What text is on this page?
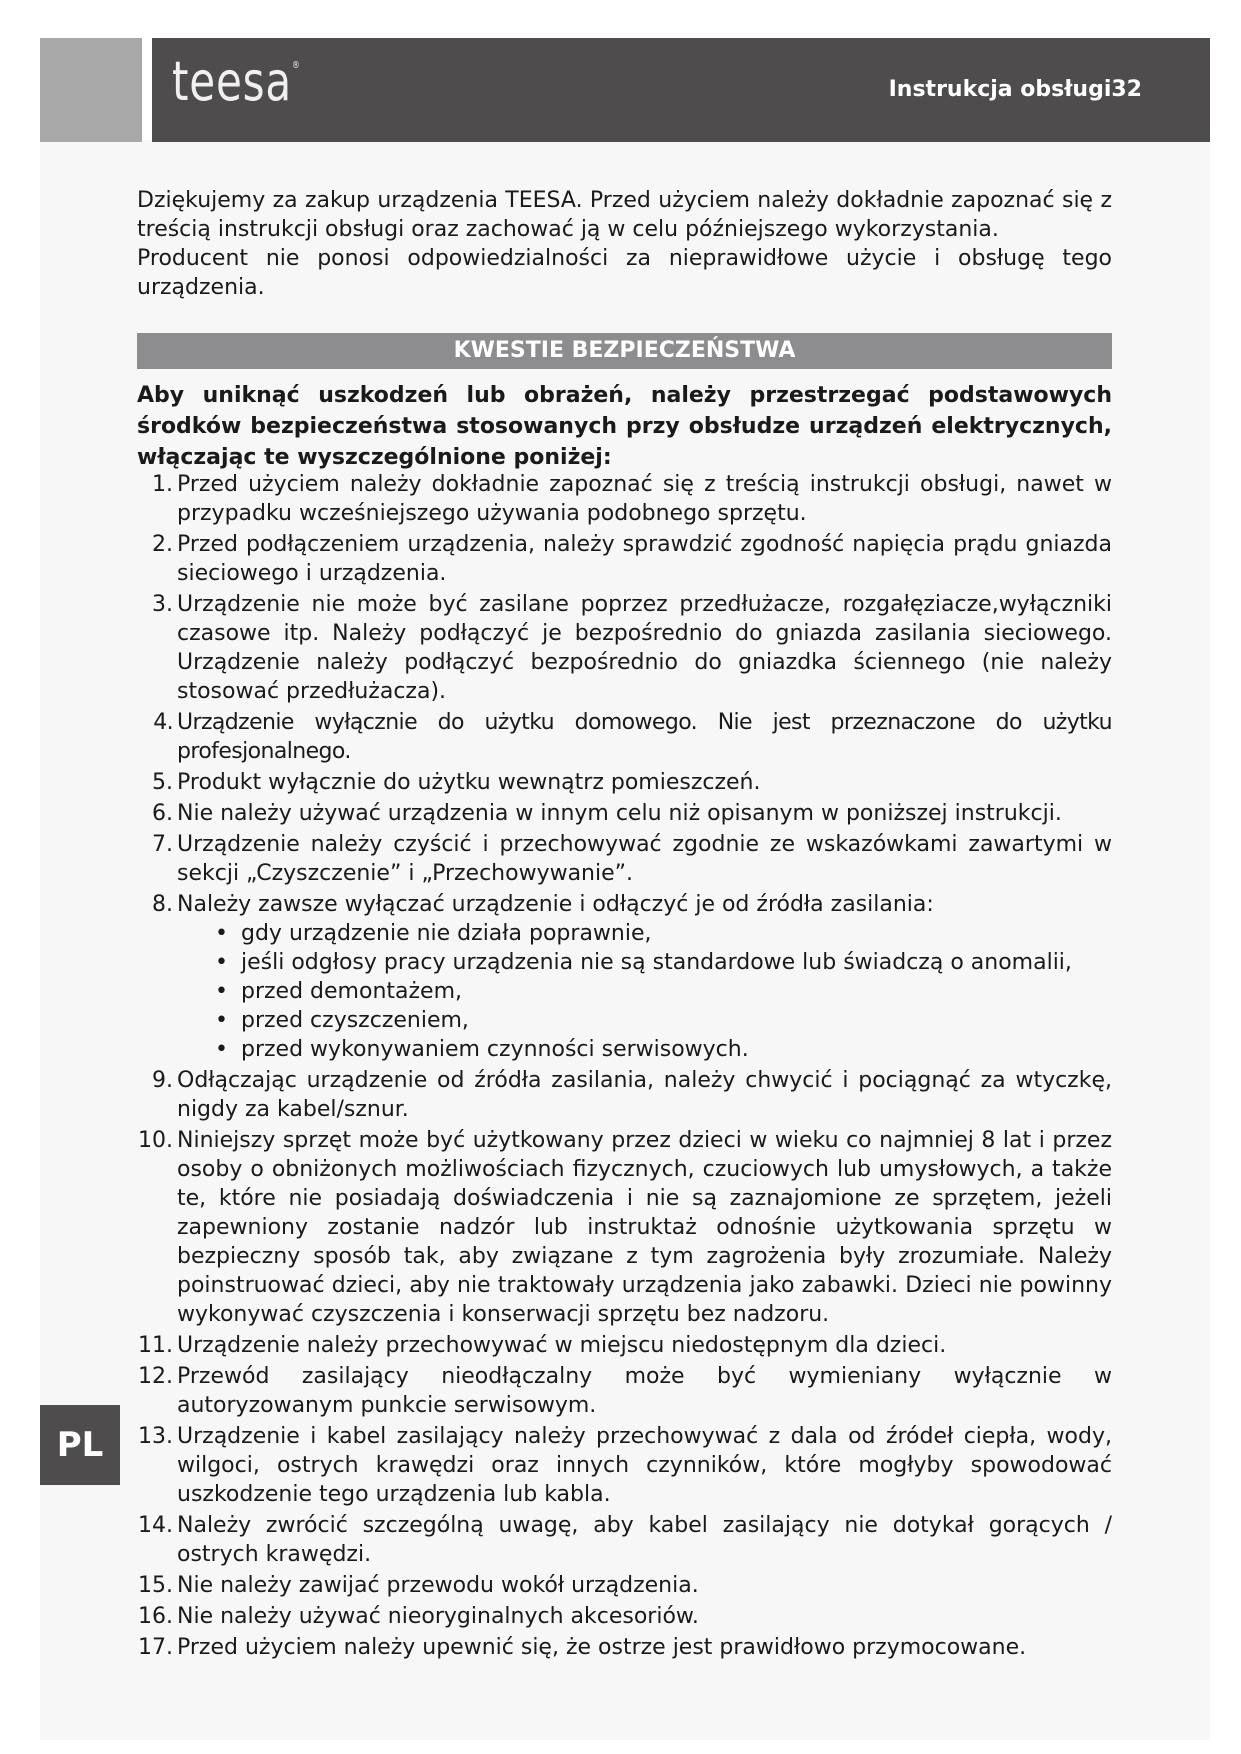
teesa®
Instrukcja obsługi32

Dziękujemy za zakup urządzenia TEESA. Przed użyciem należy dokładnie zapoznać się z treścią instrukcji obsługi oraz zachować ją w celu późniejszego wykorzystania.

Producent nie ponosi odpowiedzialności za nieprawidłowe użycie i obsługę tego urządzenia.

KWESTIE BEZPIECZEŃSTWA

Aby uniknąć uszkodzeń lub obrażeń, należy przestrzegać podstawowych środków bezpieczeństwa stosowanych przy obsłudze urządzeń elektrycznych, włączając te wyszczególnione poniżej:

1. Przed użyciem należy dokładnie zapoznać się z treścią instrukcji obsługi, nawet w przypadku wcześniejszego używania podobnego sprzętu.
2. Przed podłączeniem urządzenia, należy sprawdzić zgodność napięcia prądu gniazda sieciowego i urządzenia.
3. Urządzenie nie może być zasilane poprzez przedłużacze, rozgałęziacze,wyłączniki czasowe itp. Należy podłączyć je bezpośrednio do gniazda zasilania sieciowego. Urządzenie należy podłączyć bezpośrednio do gniazdka ściennego (nie należy stosować przedłużacza).
4. Urządzenie wyłącznie do użytku domowego. Nie jest przeznaczone do użytku profesjonalnego.
5. Produkt wyłącznie do użytku wewnątrz pomieszczeń.
6. Nie należy używać urządzenia w innym celu niż opisanym w poniższej instrukcji.
7. Urządzenie należy czyścić i przechowywać zgodnie ze wskazówkami zawartymi w sekcji „Czyszczenie” i „Przechowywanie”.
8. Należy zawsze wyłączać urządzenie i odłączyć je od źródła zasilania:
• gdy urządzenie nie działa poprawnie,
• jeśli odgłosy pracy urządzenia nie są standardowe lub świadczą o anomalii,
• przed demontażem,
• przed czyszczeniem,
• przed wykonywaniem czynności serwisowych.
9. Odłączając urządzenie od źródła zasilania, należy chwycić i pociągnąć za wtyczkę, nigdy za kabel/sznur.
10. Niniejszy sprzęt może być użytkowany przez dzieci w wieku co najmniej 8 lat i przez osoby o obniżonych możliwościach fizycznych, czuciowych lub umysłowych, a także te, które nie posiadają doświadczenia i nie są zaznajomione ze sprzętem, jeżeli zapewniony zostanie nadzór lub instruktaż odnośnie użytkowania sprzętu w bezpieczny sposób tak, aby związane z tym zagrożenia były zrozumiałe. Należy poinstruować dzieci, aby nie traktowały urządzenia jako zabawki. Dzieci nie powinny wykonywać czyszczenia i konserwacji sprzętu bez nadzoru.
11. Urządzenie należy przechowywać w miejscu niedostępnym dla dzieci.
12. Przewód zasilający nieodłączalny może być wymieniany wyłącznie w autoryzowanym punkcie serwisowym.
13. Urządzenie i kabel zasilający należy przechowywać z dala od źródeł ciepła, wody, wilgoci, ostrych krawędzi oraz innych czynników, które mogłyby spowodować uszkodzenie tego urządzenia lub kabla.
14. Należy zwrócić szczególną uwagę, aby kabel zasilający nie dotykał gorących / ostrych krawędzi.
15. Nie należy zawijać przewodu wokół urządzenia.
16. Nie należy używać nieoryginalnych akcesoriów.
17. Przed użyciem należy upewnić się, że ostrze jest prawidłowo przymocowane.
PL
